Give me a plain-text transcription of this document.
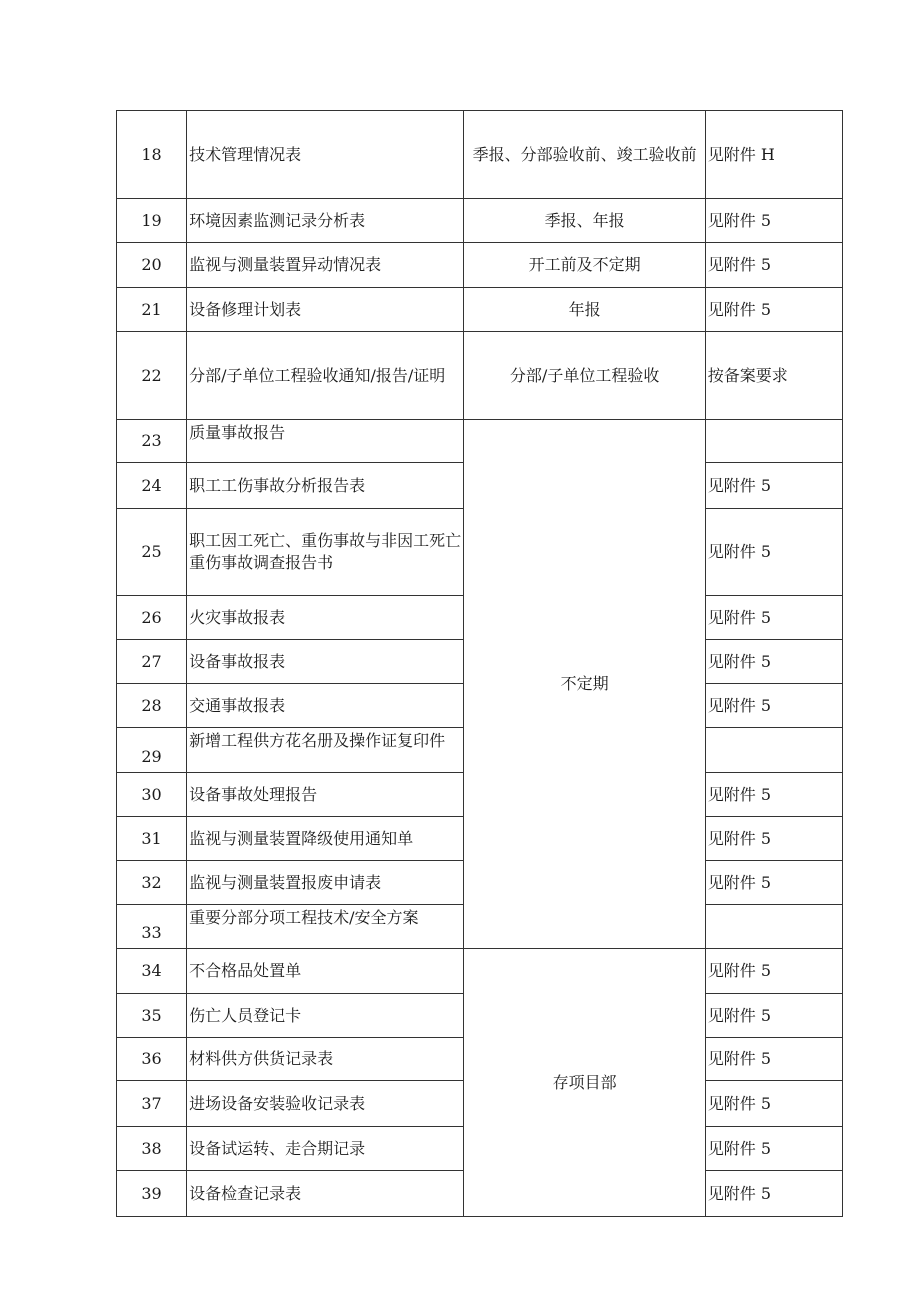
18	技术管理情况表	季报、分部验收前、竣工验收前	见附件 H
19	环境因素监测记录分析表	季报、年报	见附件 5
20	监视与测量装置异动情况表	开工前及不定期	见附件 5
21	设备修理计划表	年报	见附件 5
22	分部/子单位工程验收通知/报告/证明	分部/子单位工程验收	按备案要求
23	质量事故报告	不定期	
24	职工工伤事故分析报告表		见附件 5
25	职工因工死亡、重伤事故与非因工死亡重伤事故调查报告书		见附件 5
26	火灾事故报表		见附件 5
27	设备事故报表		见附件 5
28	交通事故报表		见附件 5
29	新增工程供方花名册及操作证复印件		
30	设备事故处理报告		见附件 5
31	监视与测量装置降级使用通知单		见附件 5
32	监视与测量装置报废申请表		见附件 5
33	重要分部分项工程技术/安全方案		
34	不合格品处置单	存项目部	见附件 5
35	伤亡人员登记卡		见附件 5
36	材料供方供货记录表		见附件 5
37	进场设备安装验收记录表		见附件 5
38	设备试运转、走合期记录		见附件 5
39	设备检查记录表		见附件 5
